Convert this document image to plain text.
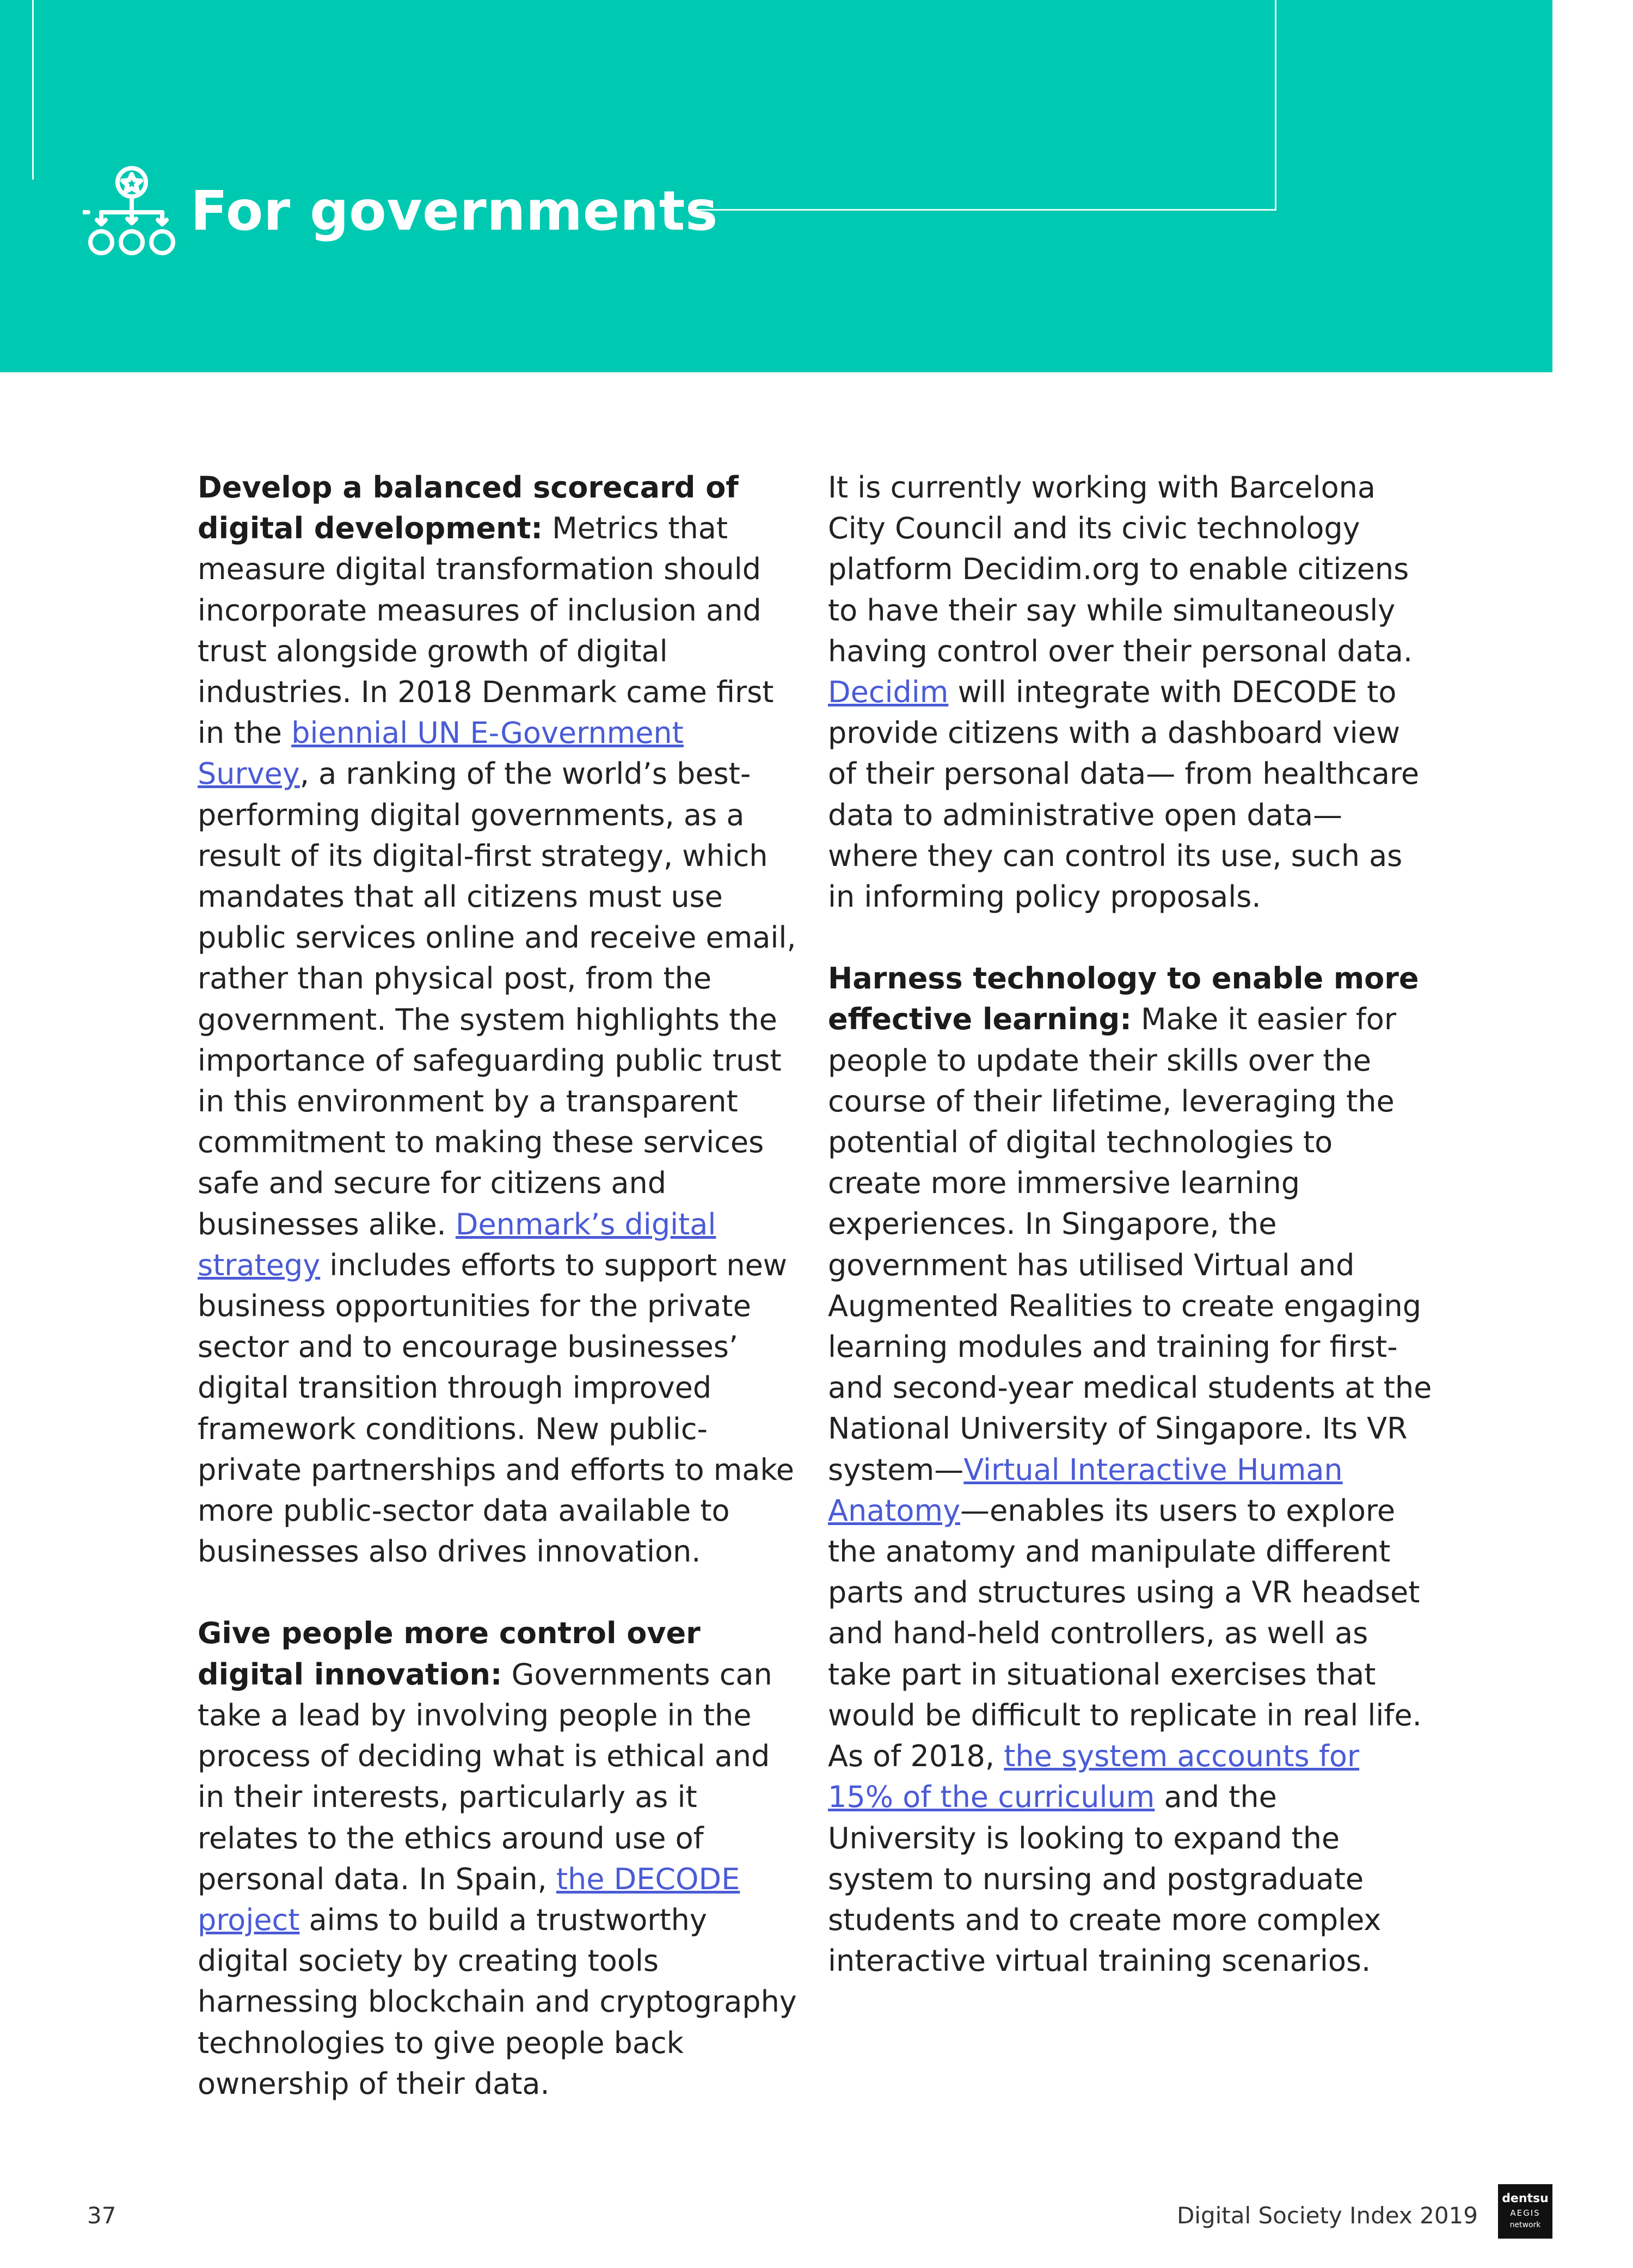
For governments

Develop a balanced scorecard of digital development: Metrics that measure digital transformation should incorporate measures of inclusion and trust alongside growth of digital industries. In 2018 Denmark came first in the biennial UN E-Government Survey, a ranking of the world’s best-performing digital governments, as a result of its digital-first strategy, which mandates that all citizens must use public services online and receive email, rather than physical post, from the government. The system highlights the importance of safeguarding public trust in this environment by a transparent commitment to making these services safe and secure for citizens and businesses alike. Denmark’s digital strategy includes efforts to support new business opportunities for the private sector and to encourage businesses’ digital transition through improved framework conditions. New public-private partnerships and efforts to make more public-sector data available to businesses also drives innovation.

Give people more control over digital innovation: Governments can take a lead by involving people in the process of deciding what is ethical and in their interests, particularly as it relates to the ethics around use of personal data. In Spain, the DECODE project aims to build a trustworthy digital society by creating tools harnessing blockchain and cryptography technologies to give people back ownership of their data.

It is currently working with Barcelona City Council and its civic technology platform Decidim.org to enable citizens to have their say while simultaneously having control over their personal data. Decidim will integrate with DECODE to provide citizens with a dashboard view of their personal data— from healthcare data to administrative open data—where they can control its use, such as in informing policy proposals.

Harness technology to enable more effective learning: Make it easier for people to update their skills over the course of their lifetime, leveraging the potential of digital technologies to create more immersive learning experiences. In Singapore, the government has utilised Virtual and Augmented Realities to create engaging learning modules and training for first- and second-year medical students at the National University of Singapore. Its VR system—Virtual Interactive Human Anatomy—enables its users to explore the anatomy and manipulate different parts and structures using a VR headset and hand-held controllers, as well as take part in situational exercises that would be difficult to replicate in real life. As of 2018, the system accounts for 15% of the curriculum and the University is looking to expand the system to nursing and postgraduate students and to create more complex interactive virtual training scenarios.

37	Digital Society Index 2019
dentsu
AEGIS
network
